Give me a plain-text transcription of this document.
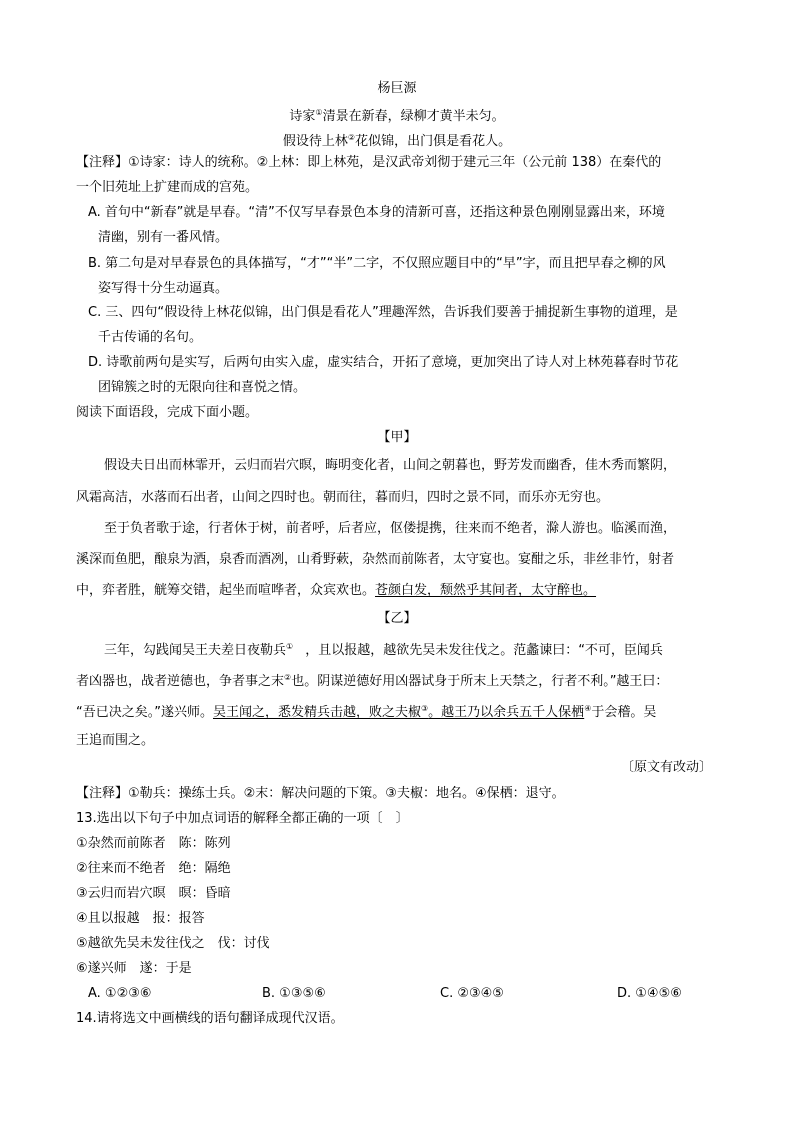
杨巨源
诗家①清景在新春，绿柳才黄半未匀。
假设待上林②花似锦，出门俱是看花人。
【注释】①诗家：诗人的统称。②上林：即上林苑，是汉武帝刘彻于建元三年（公元前 138）在秦代的
一个旧苑址上扩建而成的宫苑。
A. 首句中“新春”就是早春。“清”不仅写早春景色本身的清新可喜，还指这种景色刚刚显露出来，环境
清幽，别有一番风情。
B. 第二句是对早春景色的具体描写，“才”“半”二字，不仅照应题目中的“早”字，而且把早春之柳的风
姿写得十分生动逼真。
C. 三、四句“假设待上林花似锦，出门俱是看花人”理趣浑然，告诉我们要善于捕捉新生事物的道理，是
千古传诵的名句。
D. 诗歌前两句是实写，后两句由实入虚，虚实结合，开拓了意境，更加突出了诗人对上林苑暮春时节花
团锦簇之时的无限向往和喜悦之情。
阅读下面语段，完成下面小题。
【甲】
假设夫日出而林霏开，云归而岩穴暝，晦明变化者，山间之朝暮也，野芳发而幽香，佳木秀而繁阴，
风霜高洁，水落而石出者，山间之四时也。朝而往，暮而归，四时之景不同，而乐亦无穷也。
至于负者歌于途，行者休于树，前者呼，后者应，伛偻提携，往来而不绝者，滁人游也。临溪而渔，
溪深而鱼肥，酿泉为酒，泉香而酒冽，山肴野蔌，杂然而前陈者，太守宴也。宴酣之乐，非丝非竹，射者
中，弈者胜，觥筹交错，起坐而喧哗者，众宾欢也。苍颜白发，颓然乎其间者，太守醉也。
【乙】
三年，勾践闻吴王夫差日夜勒兵① ，且以报越，越欲先吴未发往伐之。范蠡谏曰：“不可，臣闻兵
者凶器也，战者逆德也，争者事之末②也。阴谋逆德好用凶器试身于所末上天禁之，行者不利。”越王曰：
“吾已决之矣。”遂兴师。吴王闻之，悉发精兵击越，败之夫椒③。越王乃以余兵五千人保栖④于会稽。吴
王追而围之。
〔原文有改动〕
【注释】①勒兵：操练士兵。②末：解决问题的下策。③夫椒：地名。④保栖：退守。
13.选出以下句子中加点词语的解释全都正确的一项〔　〕
①杂然而前陈者　陈：陈列
②往来而不绝者　绝：隔绝
③云归而岩穴暝　暝：昏暗
④且以报越　报：报答
⑤越欲先吴未发往伐之　伐：讨伐
⑥遂兴师　遂：于是
A. ①②③⑥	B. ①③⑤⑥	C. ②③④⑤	D. ①④⑤⑥
14.请将选文中画横线的语句翻译成现代汉语。
